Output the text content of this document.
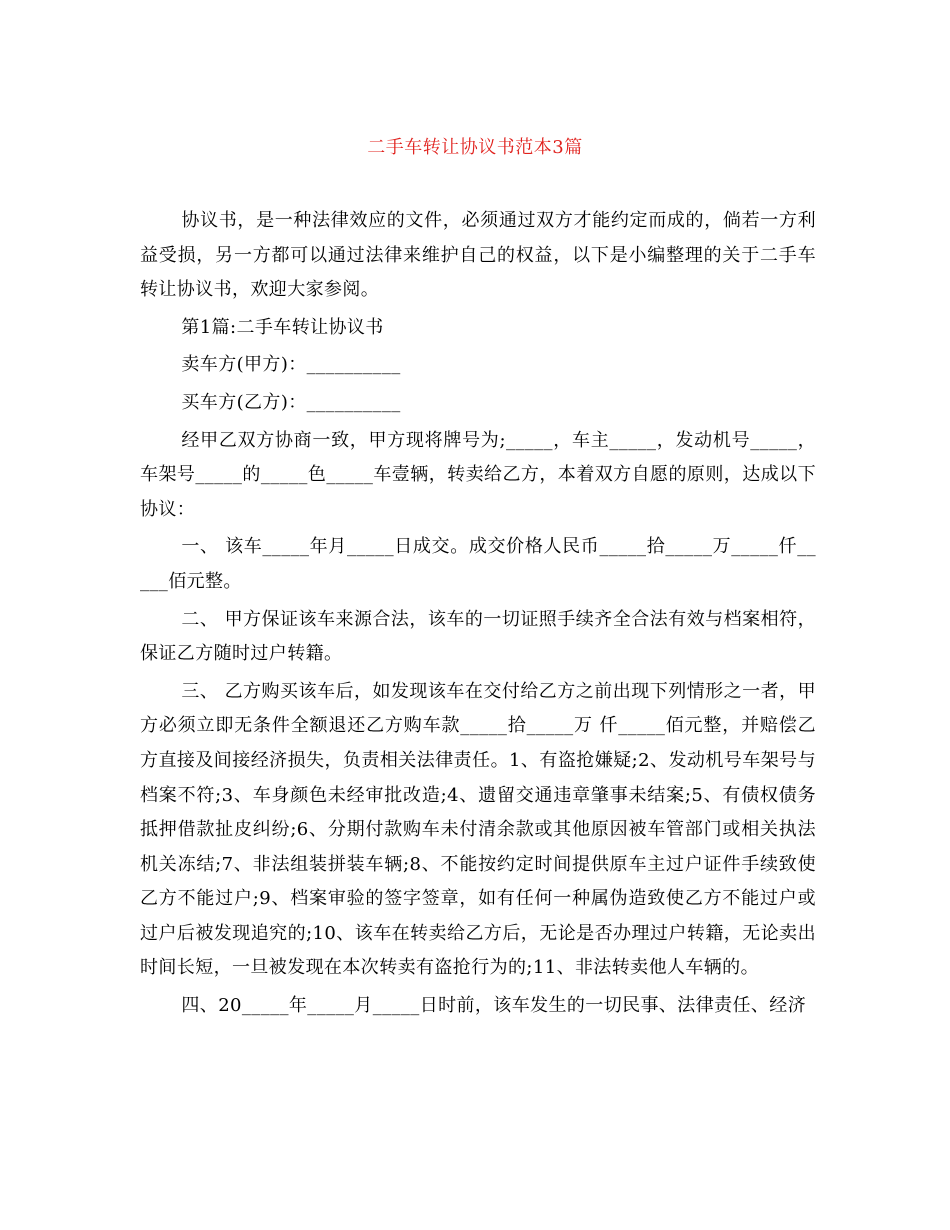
二手车转让协议书范本3篇

协议书，是一种法律效应的文件，必须通过双方才能约定而成的，倘若一方利益受损，另一方都可以通过法律来维护自己的权益，以下是小编整理的关于二手车转让协议书，欢迎大家参阅。

第1篇:二手车转让协议书

卖车方(甲方)：__________

买车方(乙方)：__________

经甲乙双方协商一致，甲方现将牌号为;_____，车主_____，发动机号_____，车架号_____的_____色_____车壹辆，转卖给乙方，本着双方自愿的原则，达成以下协议：

一、 该车_____年月_____日成交。成交价格人民币_____拾_____万_____仟_____佰元整。

二、 甲方保证该车来源合法，该车的一切证照手续齐全合法有效与档案相符，保证乙方随时过户转籍。

三、 乙方购买该车后，如发现该车在交付给乙方之前出现下列情形之一者，甲方必须立即无条件全额退还乙方购车款_____拾_____万 仟_____佰元整，并赔偿乙方直接及间接经济损失，负责相关法律责任。1、有盗抢嫌疑;2、发动机号车架号与档案不符;3、车身颜色未经审批改造;4、遗留交通违章肇事未结案;5、有债权债务抵押借款扯皮纠纷;6、分期付款购车未付清余款或其他原因被车管部门或相关执法机关冻结;7、非法组装拼装车辆;8、不能按约定时间提供原车主过户证件手续致使乙方不能过户;9、档案审验的签字签章，如有任何一种属伪造致使乙方不能过户或过户后被发现追究的;10、该车在转卖给乙方后，无论是否办理过户转籍，无论卖出时间长短，一旦被发现在本次转卖有盗抢行为的;11、非法转卖他人车辆的。

四、20_____年_____月_____日时前，该车发生的一切民事、法律责任、经济
